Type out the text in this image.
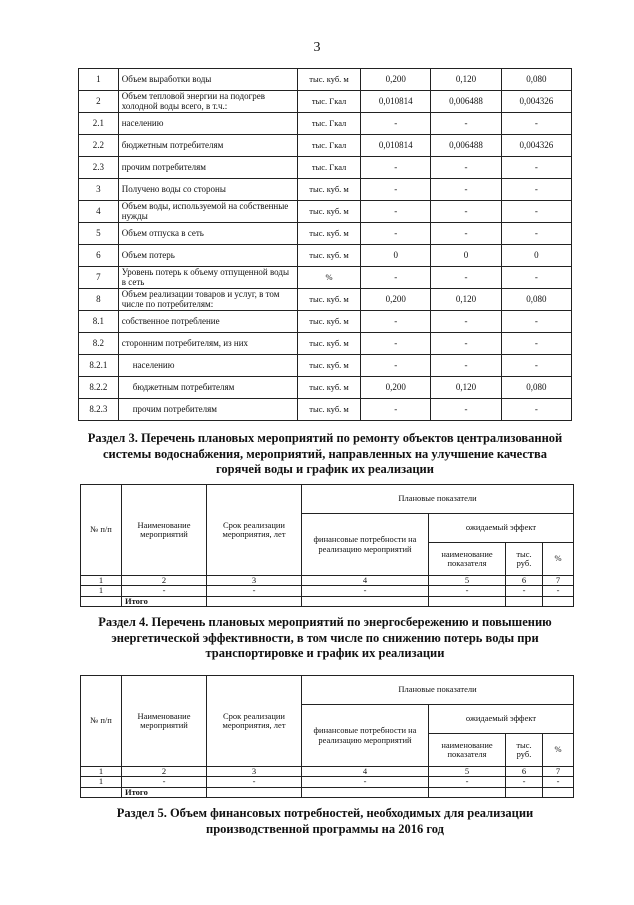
3
1	Объем выработки воды	тыс. куб. м	0,200	0,120	0,080
2	Объем тепловой энергии на подогрев холодной воды всего, в т.ч.:	тыс. Гкал	0,010814	0,006488	0,004326
2.1	населению	тыс. Гкал	-	-	-
2.2	бюджетным потребителям	тыс. Гкал	0,010814	0,006488	0,004326
2.3	прочим потребителям	тыс. Гкал	-	-	-
3	Получено воды со стороны	тыс. куб. м	-	-	-
4	Объем воды, используемой на собственные нужды	тыс. куб. м	-	-	-
5	Объем отпуска в сеть	тыс. куб. м	-	-	-
6	Объем потерь	тыс. куб. м	0	0	0
7	Уровень потерь к объему отпущенной воды в сеть	%	-	-	-
8	Объем реализации товаров и услуг, в том числе по потребителям:	тыс. куб. м	0,200	0,120	0,080
8.1	собственное потребление	тыс. куб. м	-	-	-
8.2	сторонним потребителям, из них	тыс. куб. м	-	-	-
8.2.1	населению	тыс. куб. м	-	-	-
8.2.2	бюджетным потребителям	тыс. куб. м	0,200	0,120	0,080
8.2.3	прочим потребителям	тыс. куб. м	-	-	-
Раздел 3. Перечень плановых мероприятий по ремонту объектов централизованной системы водоснабжения, мероприятий, направленных на улучшение качества горячей воды и график их реализации
№ п/п	Наименование мероприятий	Срок реализации мероприятия, лет	Плановые показатели			
			финансовые потребности на реализацию мероприятий	ожидаемый эффект		
				наименование показателя	тыс. руб.	%
1	2	3	4	5	6	7
1	-	-	-	-	-	-
	Итого					
Раздел 4. Перечень плановых мероприятий по энергосбережению и повышению энергетической эффективности, в том числе по снижению потерь воды при транспортировке и график их реализации
№ п/п	Наименование мероприятий	Срок реализации мероприятия, лет	Плановые показатели			
			финансовые потребности на реализацию мероприятий	ожидаемый эффект		
				наименование показателя	тыс. руб.	%
1	2	3	4	5	6	7
1	-	-	-	-	-	-
	Итого					
Раздел 5. Объем финансовых потребностей, необходимых для реализации производственной программы на 2016 год
